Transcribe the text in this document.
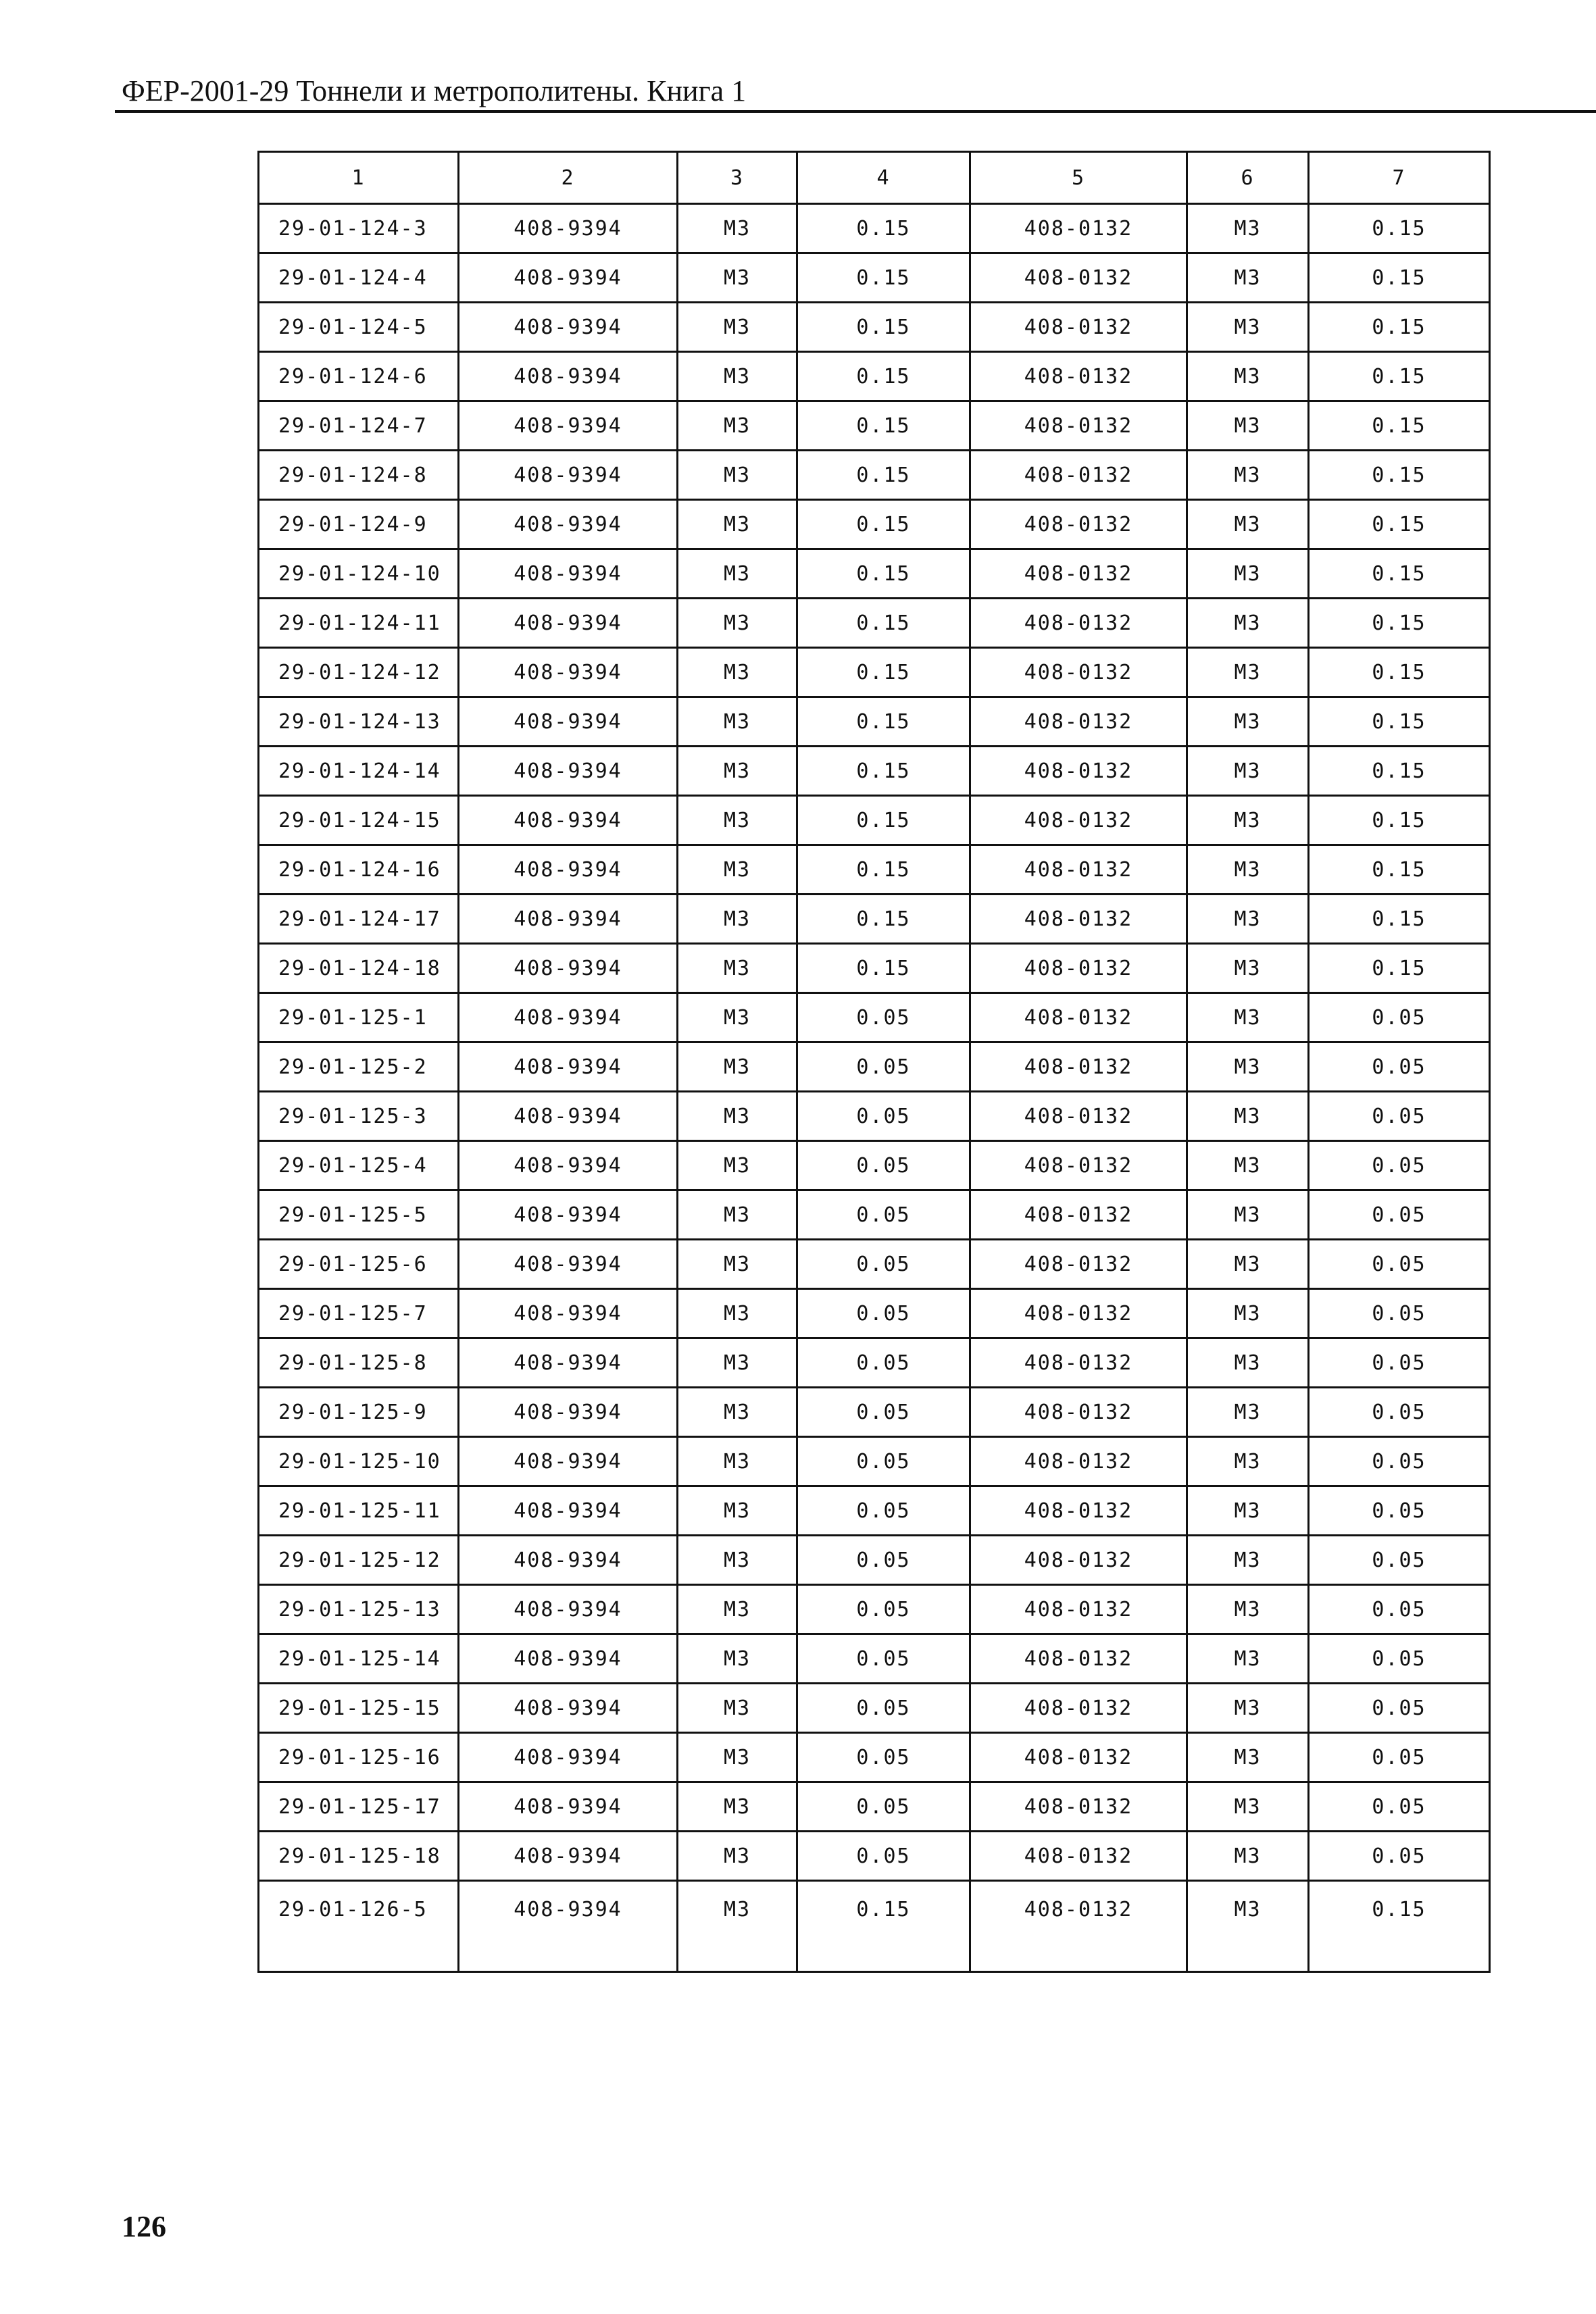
ФЕР-2001-29 Тоннели и метрополитены. Книга 1
1	2	3	4	5	6	7
29-01-124-3	408-9394	М3	0.15	408-0132	М3	0.15
29-01-124-4	408-9394	М3	0.15	408-0132	М3	0.15
29-01-124-5	408-9394	М3	0.15	408-0132	М3	0.15
29-01-124-6	408-9394	М3	0.15	408-0132	М3	0.15
29-01-124-7	408-9394	М3	0.15	408-0132	М3	0.15
29-01-124-8	408-9394	М3	0.15	408-0132	М3	0.15
29-01-124-9	408-9394	М3	0.15	408-0132	М3	0.15
29-01-124-10	408-9394	М3	0.15	408-0132	М3	0.15
29-01-124-11	408-9394	М3	0.15	408-0132	М3	0.15
29-01-124-12	408-9394	М3	0.15	408-0132	М3	0.15
29-01-124-13	408-9394	М3	0.15	408-0132	М3	0.15
29-01-124-14	408-9394	М3	0.15	408-0132	М3	0.15
29-01-124-15	408-9394	М3	0.15	408-0132	М3	0.15
29-01-124-16	408-9394	М3	0.15	408-0132	М3	0.15
29-01-124-17	408-9394	М3	0.15	408-0132	М3	0.15
29-01-124-18	408-9394	М3	0.15	408-0132	М3	0.15
29-01-125-1	408-9394	М3	0.05	408-0132	М3	0.05
29-01-125-2	408-9394	М3	0.05	408-0132	М3	0.05
29-01-125-3	408-9394	М3	0.05	408-0132	М3	0.05
29-01-125-4	408-9394	М3	0.05	408-0132	М3	0.05
29-01-125-5	408-9394	М3	0.05	408-0132	М3	0.05
29-01-125-6	408-9394	М3	0.05	408-0132	М3	0.05
29-01-125-7	408-9394	М3	0.05	408-0132	М3	0.05
29-01-125-8	408-9394	М3	0.05	408-0132	М3	0.05
29-01-125-9	408-9394	М3	0.05	408-0132	М3	0.05
29-01-125-10	408-9394	М3	0.05	408-0132	М3	0.05
29-01-125-11	408-9394	М3	0.05	408-0132	М3	0.05
29-01-125-12	408-9394	М3	0.05	408-0132	М3	0.05
29-01-125-13	408-9394	М3	0.05	408-0132	М3	0.05
29-01-125-14	408-9394	М3	0.05	408-0132	М3	0.05
29-01-125-15	408-9394	М3	0.05	408-0132	М3	0.05
29-01-125-16	408-9394	М3	0.05	408-0132	М3	0.05
29-01-125-17	408-9394	М3	0.05	408-0132	М3	0.05
29-01-125-18	408-9394	М3	0.05	408-0132	М3	0.05
29-01-126-5	408-9394	М3	0.15	408-0132	М3	0.15
126
